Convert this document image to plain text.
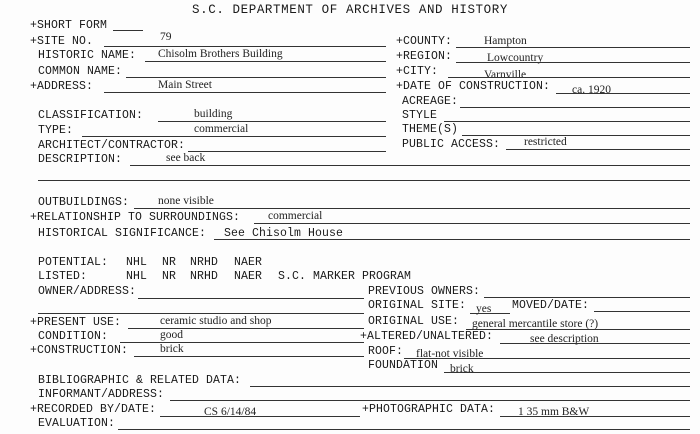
S.C. DEPARTMENT OF ARCHIVES AND HISTORY
+SHORT FORM
+SITE NO.	79
HISTORIC NAME: Chisolm Brothers Building
COMMON NAME:
+ADDRESS:	Main Street
CLASSIFICATION:	building
TYPE:	commercial
ARCHITECT/CONTRACTOR:
DESCRIPTION:	see back
OUTBUILDINGS:	none visible
+RELATIONSHIP TO SURROUNDINGS: commercial
HISTORICAL SIGNIFICANCE: See Chisolm House
+COUNTY:	Hampton
+REGION:	Lowcountry
+CITY:	Varnville
+DATE OF CONSTRUCTION: ca. 1920
ACREAGE:
STYLE
THEME(S)
PUBLIC ACCESS: restricted
POTENTIAL: NHL NR NRHD NAER
LISTED:	NHL NR NRHD NAER S.C. MARKER PROGRAM
OWNER/ADDRESS:	PREVIOUS OWNERS:
ORIGINAL SITE: yes MOVED/DATE:
ORIGINAL USE: general mercantile store (?)
+PRESENT USE:	ceramic studio and shop
CONDITION:	good
+CONSTRUCTION:	brick
+ALTERED/UNALTERED:	see description
ROOF: flat-not visible
FOUNDATION brick
BIBLIOGRAPHIC & RELATED DATA:
INFORMANT/ADDRESS:
+RECORDED BY/DATE:	CS 6/14/84	+PHOTOGRAPHIC DATA: 1 35 mm B&W
EVALUATION:
